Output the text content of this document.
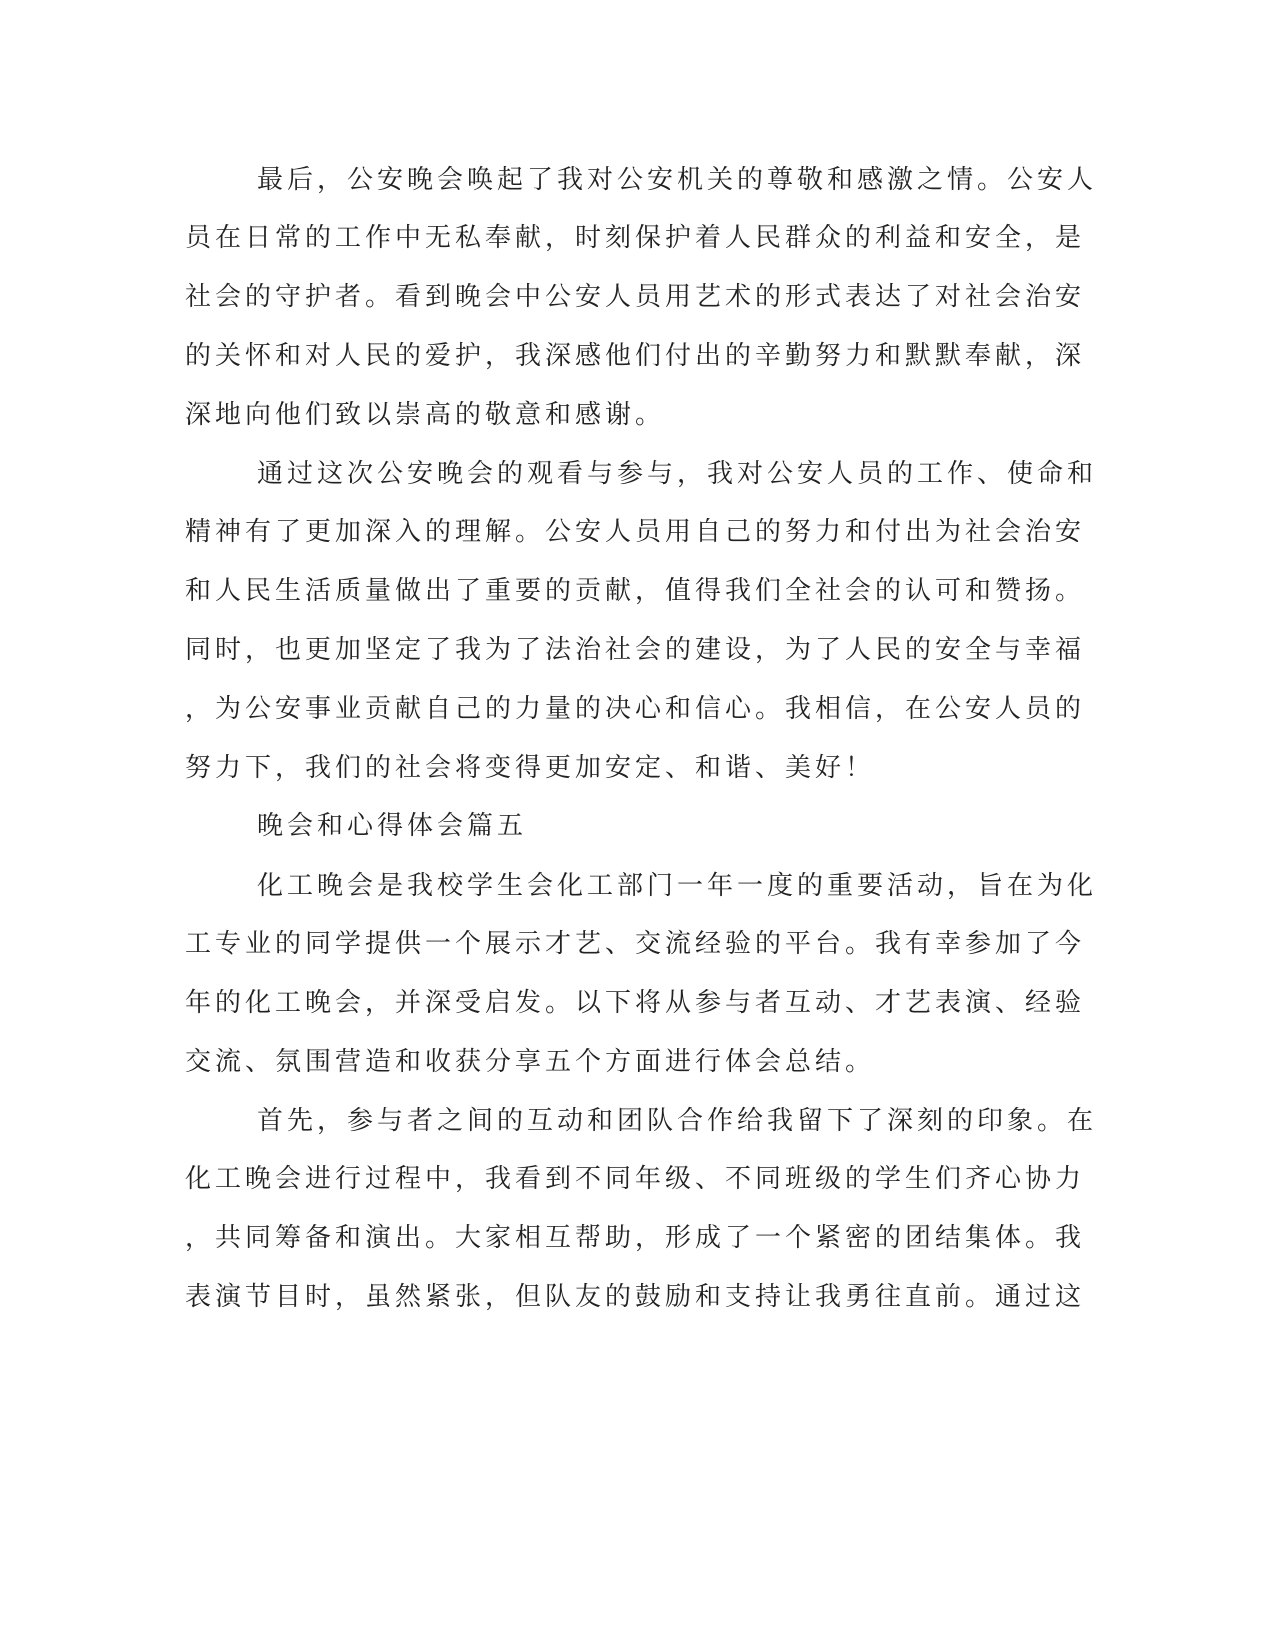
最后，公安晚会唤起了我对公安机关的尊敬和感激之情。公安人
员在日常的工作中无私奉献，时刻保护着人民群众的利益和安全，是
社会的守护者。看到晚会中公安人员用艺术的形式表达了对社会治安
的关怀和对人民的爱护，我深感他们付出的辛勤努力和默默奉献，深
深地向他们致以崇高的敬意和感谢。
通过这次公安晚会的观看与参与，我对公安人员的工作、使命和
精神有了更加深入的理解。公安人员用自己的努力和付出为社会治安
和人民生活质量做出了重要的贡献，值得我们全社会的认可和赞扬。
同时，也更加坚定了我为了法治社会的建设，为了人民的安全与幸福
，为公安事业贡献自己的力量的决心和信心。我相信，在公安人员的
努力下，我们的社会将变得更加安定、和谐、美好！
晚会和心得体会篇五
化工晚会是我校学生会化工部门一年一度的重要活动，旨在为化
工专业的同学提供一个展示才艺、交流经验的平台。我有幸参加了今
年的化工晚会，并深受启发。以下将从参与者互动、才艺表演、经验
交流、氛围营造和收获分享五个方面进行体会总结。
首先，参与者之间的互动和团队合作给我留下了深刻的印象。在
化工晚会进行过程中，我看到不同年级、不同班级的学生们齐心协力
，共同筹备和演出。大家相互帮助，形成了一个紧密的团结集体。我
表演节目时，虽然紧张，但队友的鼓励和支持让我勇往直前。通过这
